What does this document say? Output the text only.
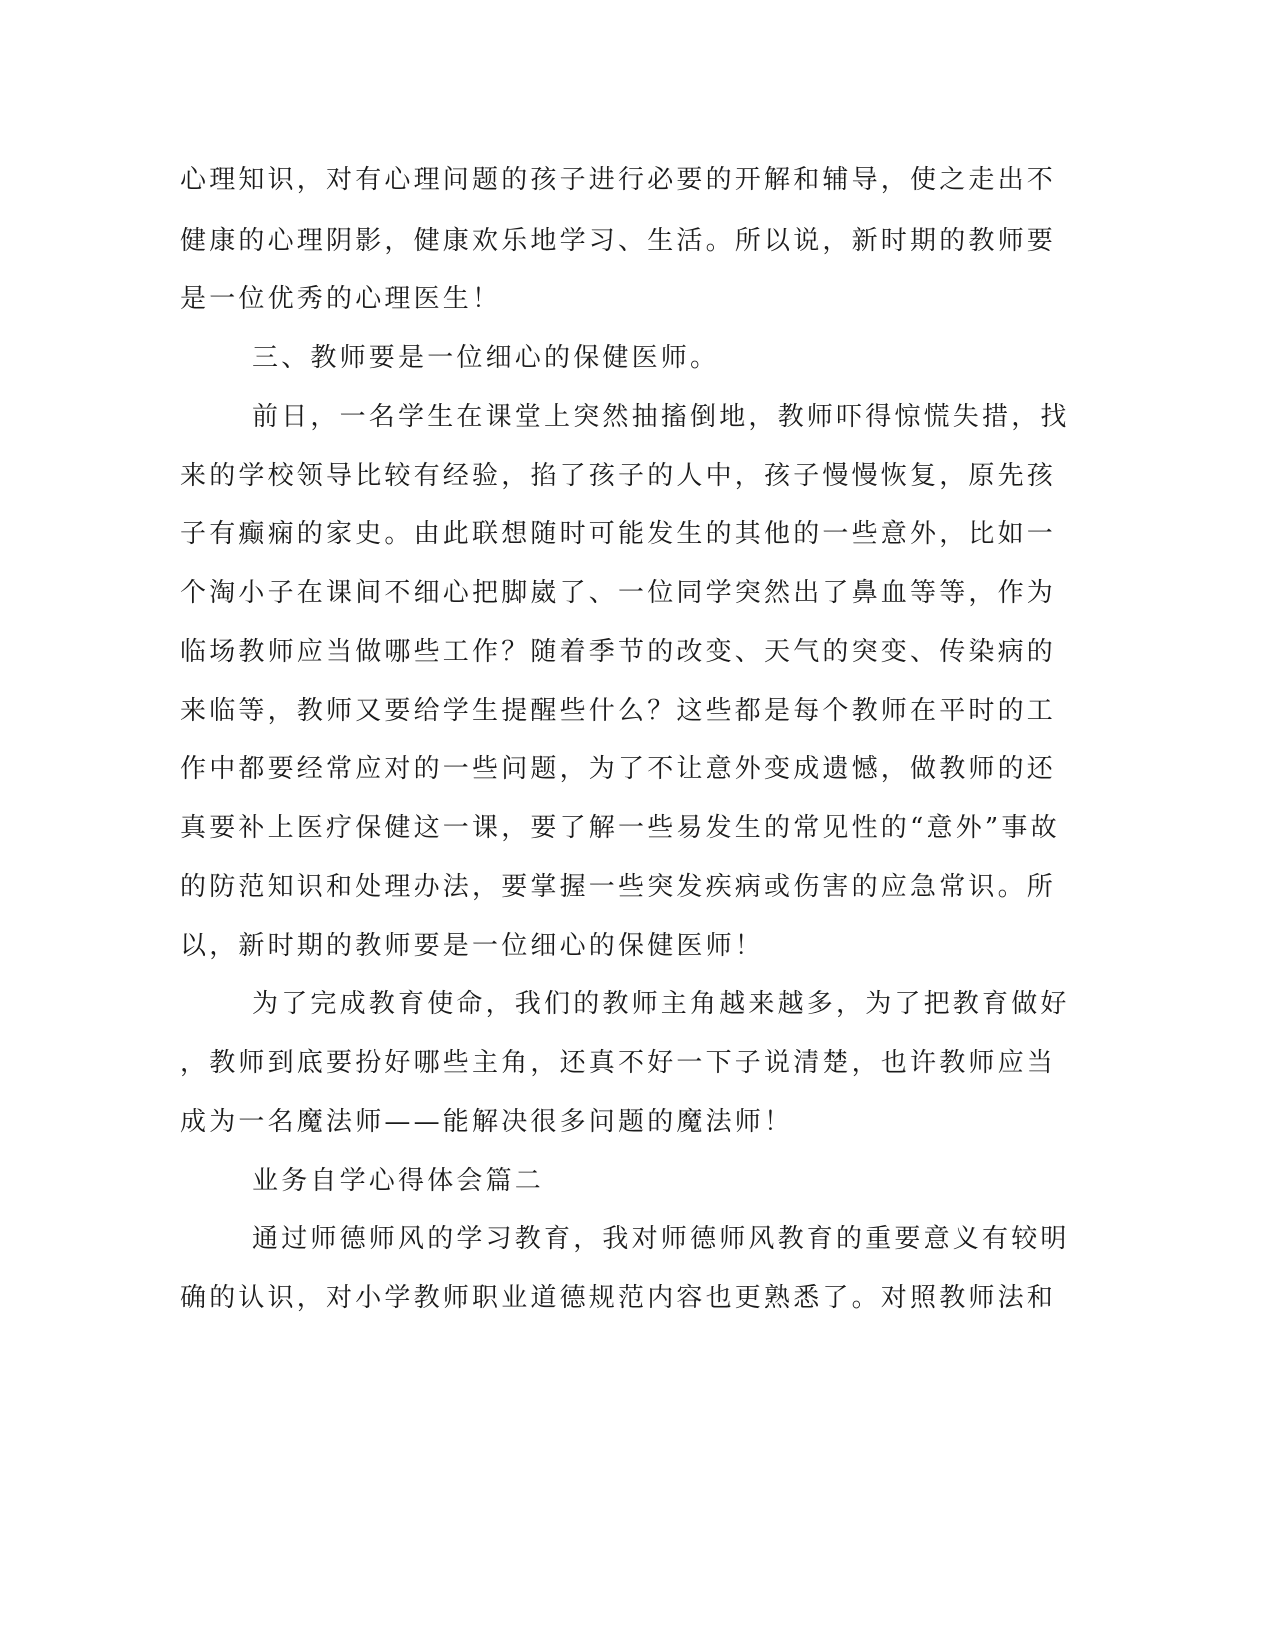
心理知识，对有心理问题的孩子进行必要的开解和辅导，使之走出不
健康的心理阴影，健康欢乐地学习、生活。所以说，新时期的教师要
是一位优秀的心理医生！
三、教师要是一位细心的保健医师。
前日，一名学生在课堂上突然抽搐倒地，教师吓得惊慌失措，找
来的学校领导比较有经验，掐了孩子的人中，孩子慢慢恢复，原先孩
子有癫痫的家史。由此联想随时可能发生的其他的一些意外，比如一
个淘小子在课间不细心把脚崴了、一位同学突然出了鼻血等等，作为
临场教师应当做哪些工作？随着季节的改变、天气的突变、传染病的
来临等，教师又要给学生提醒些什么？这些都是每个教师在平时的工
作中都要经常应对的一些问题，为了不让意外变成遗憾，做教师的还
真要补上医疗保健这一课，要了解一些易发生的常见性的“意外”事故
的防范知识和处理办法，要掌握一些突发疾病或伤害的应急常识。所
以，新时期的教师要是一位细心的保健医师！
为了完成教育使命，我们的教师主角越来越多，为了把教育做好
，教师到底要扮好哪些主角，还真不好一下子说清楚，也许教师应当
成为一名魔法师——能解决很多问题的魔法师！
业务自学心得体会篇二
通过师德师风的学习教育，我对师德师风教育的重要意义有较明
确的认识，对小学教师职业道德规范内容也更熟悉了。对照教师法和
